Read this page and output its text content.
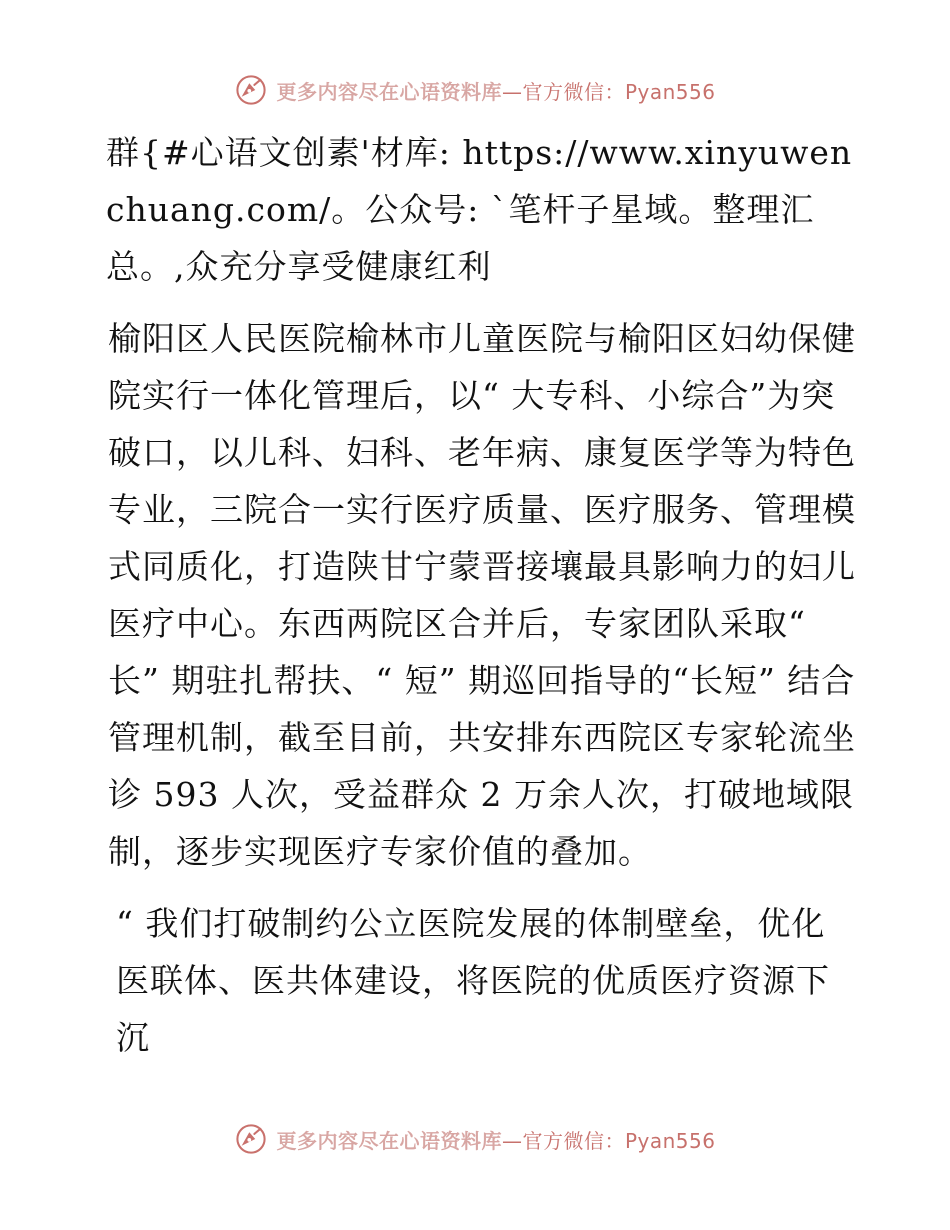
更多内容尽在心语资料库—官方微信：Pyan556

群{#心语文创素'材库: https://www.xinyuwenchuang.com/。公众号: `笔杆子星域。整理汇总。,众充分享受健康红利

榆阳区人民医院榆林市儿童医院与榆阳区妇幼保健院实行一体化管理后，以“ 大专科、小综合”为突破口，以儿科、妇科、老年病、康复医学等为特色专业，三院合一实行医疗质量、医疗服务、管理模式同质化，打造陕甘宁蒙晋接壤最具影响力的妇儿医疗中心。东西两院区合并后，专家团队采取“ 长” 期驻扎帮扶、“ 短” 期巡回指导的“长短” 结合管理机制，截至目前，共安排东西院区专家轮流坐诊 593 人次，受益群众 2 万余人次，打破地域限制，逐步实现医疗专家价值的叠加。

“ 我们打破制约公立医院发展的体制壁垒，优化医联体、医共体建设，将医院的优质医疗资源下沉

更多内容尽在心语资料库—官方微信：Pyan556
